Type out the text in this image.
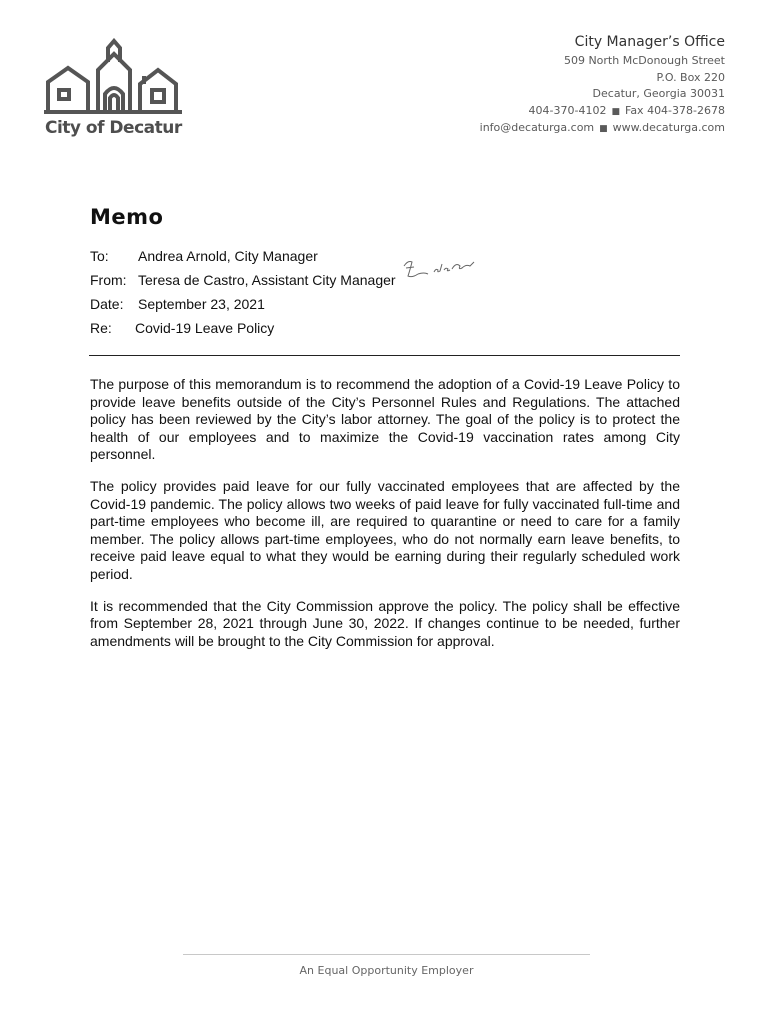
City of Decatur
City Manager’s Office
509 North McDonough Street
P.O. Box 220
Decatur, Georgia 30031
404-370-4102 ■ Fax 404-378-2678
info@decaturga.com ■ www.decaturga.com
Memo
To: Andrea Arnold, City Manager
From: Teresa de Castro, Assistant City Manager
Date: September 23, 2021
Re: Covid-19 Leave Policy

The purpose of this memorandum is to recommend the adoption of a Covid-19 Leave Policy to provide leave benefits outside of the City’s Personnel Rules and Regulations. The attached policy has been reviewed by the City’s labor attorney. The goal of the policy is to protect the health of our employees and to maximize the Covid-19 vaccination rates among City personnel.

The policy provides paid leave for our fully vaccinated employees that are affected by the Covid-19 pandemic. The policy allows two weeks of paid leave for fully vaccinated full-time and part-time employees who become ill, are required to quarantine or need to care for a family member. The policy allows part-time employees, who do not normally earn leave benefits, to receive paid leave equal to what they would be earning during their regularly scheduled work period.

It is recommended that the City Commission approve the policy. The policy shall be effective from September 28, 2021 through June 30, 2022. If changes continue to be needed, further amendments will be brought to the City Commission for approval.

An Equal Opportunity Employer
